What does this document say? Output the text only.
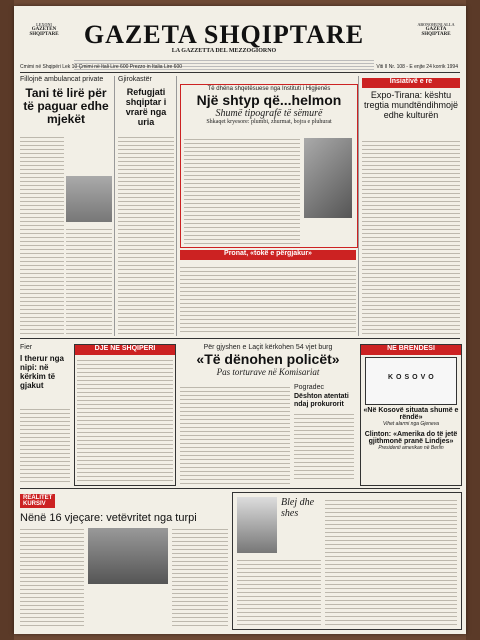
LEXONI
GAZETEN SHQIPTARE GAZETA SHQIPTARE
LA GAZZETTA DEL MEZZOGIORNO
ABONOHUNI ALLA
GAZETA SHQIPTARE
Cmimi në Shqipëri Lek 10 Çmimi në Itali Lire 600 Prezzo in Italia Lire 600	Viti II Nr. 108 - E enjte 24 korrik 1994
Fillojnë ambulancat private
Tani të lirë për të paguar edhe mjekët
Gjirokastër
Refugjati shqiptar i vrarë nga uria
Të dhëna shqetësuese nga Instituti i Higjienës
Një shtyp që...helmon
Shumë tipografë të sëmurë
Shkaqet kryesore: plumbi, zhurmat, bojra e pluhurat
Insiatívë e re
Expo-Tirana: kështu tregtia mundtëndihmojë edhe kulturën
Pronat, «tokë e përgjakur»
Fier
I therur nga nipi: në kërkim të gjakut
DJE NE SHQIPERI	Për gjyshen e Laçit kërkohen 54 vjet burg
«Të dënohen policët»
Pas torturave në Komisariat
Pogradec
Dështon atentati ndaj prokurorit
NE BRENDESI
KOSOVO
«Në Kosovë situata shumë e rëndë»
Vihet alarmi nga Gjeneva
Clinton: «Amerika do të jetë gjithmonë pranë Lindjes»
Presidenti amerikan në Berlin
REALITET
KURSIV
Nënë 16 vjeçare: vetëvritet nga turpi
Blej dhe shes
